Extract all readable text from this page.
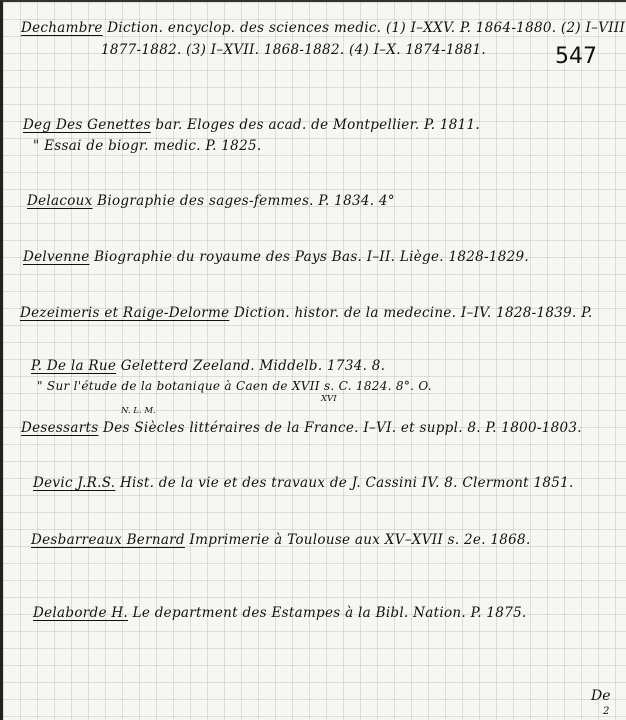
547
Dechambre Diction. encyclop. des sciences medic. (1) I–XXV. P. 1864-1880. (2) I–VIII
1877-1882. (3) I–XVII. 1868-1882. (4) I–X. 1874-1881.
Deg Des Genettes bar. Eloges des acad. de Montpellier. P. 1811.
" Essai de biogr. medic. P. 1825.
Delacoux Biographie des sages-femmes. P. 1834. 4°
Delvenne Biographie du royaume des Pays Bas. I–II. Liège. 1828-1829.
Dezeimeris et Raige-Delorme Diction. histor. de la medecine. I–IV. 1828-1839. P.
P. De la Rue Geletterd Zeeland. Middelb. 1734. 8.
" Sur l'étude de la botanique à Caen de XVII s. C. 1824. 8°. O.
XVI
N. L. M.
Desessarts Des Siècles littéraires de la France. I–VI. et suppl. 8. P. 1800-1803.
Devic J.R.S. Hist. de la vie et des travaux de J. Cassini IV. 8. Clermont 1851.
Desbarreaux Bernard Imprimerie à Toulouse aux XV–XVII s. 2e. 1868.
Delaborde H. Le department des Estampes à la Bibl. Nation. P. 1875.
De
2
